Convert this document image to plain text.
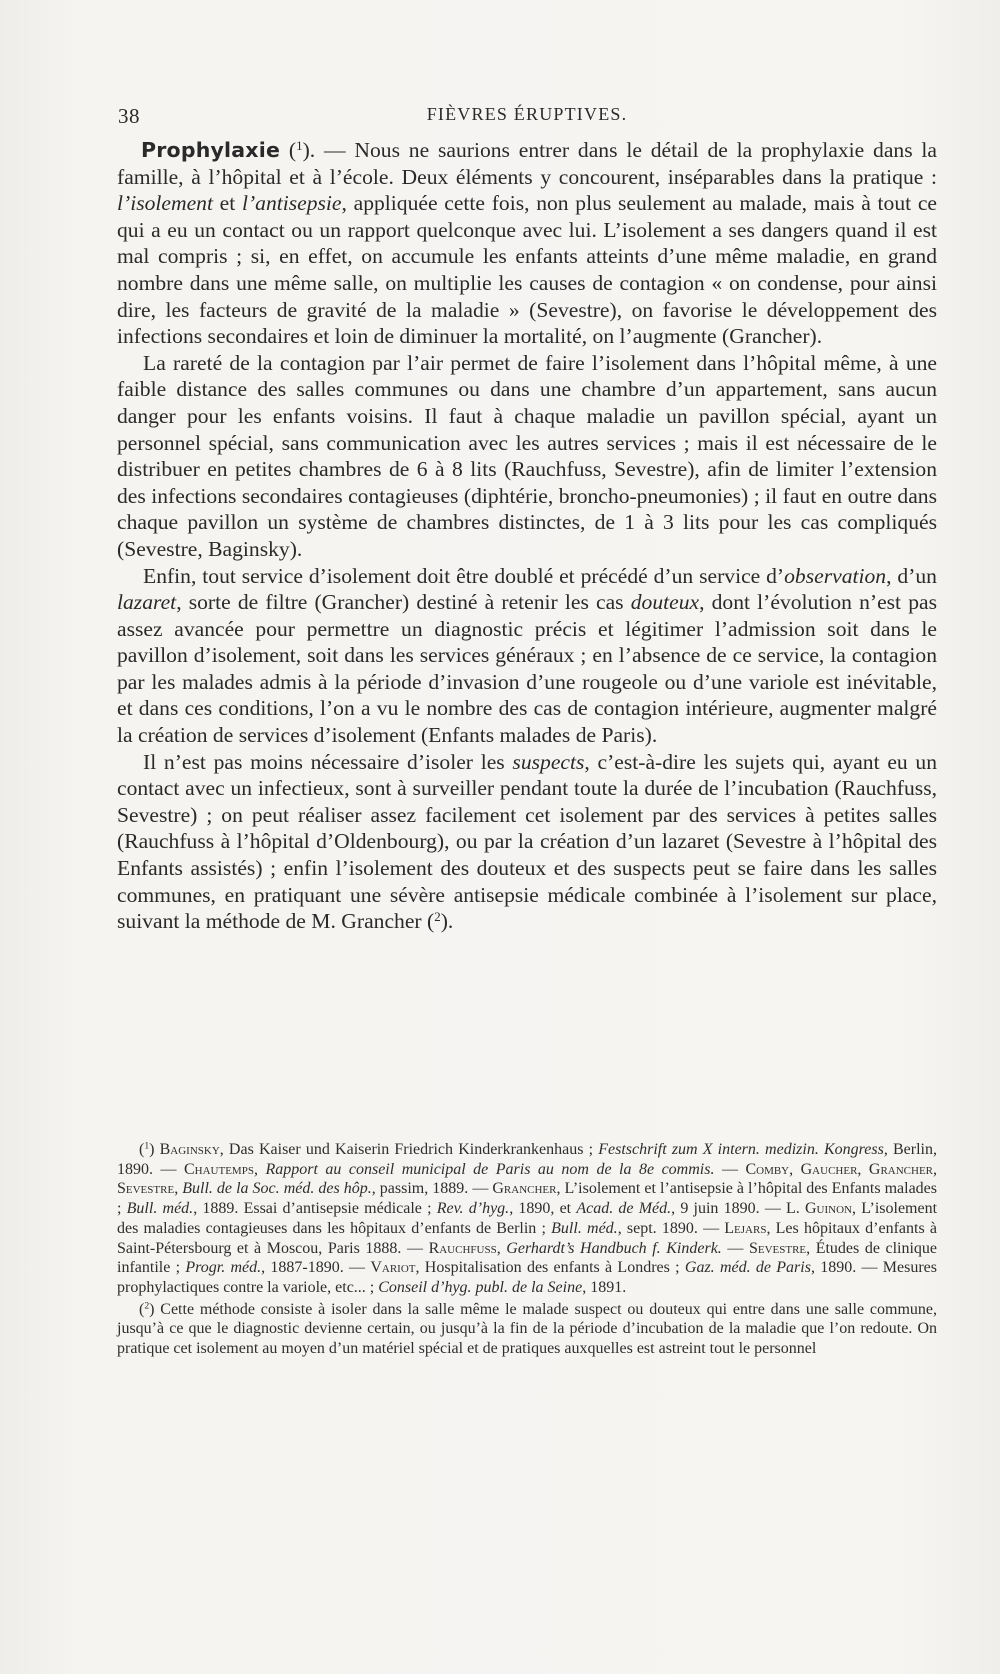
38	FIÈVRES ÉRUPTIVES.

Prophylaxie ($^1$). — Nous ne saurions entrer dans le détail de la prophylaxie dans la famille, à l’hôpital et à l’école. Deux éléments y concourent, inséparables dans la pratique : l’isolement et l’antisepsie, appliquée cette fois, non plus seulement au malade, mais à tout ce qui a eu un contact ou un rapport quelconque avec lui. L’isolement a ses dangers quand il est mal compris ; si, en effet, on accumule les enfants atteints d’une même maladie, en grand nombre dans une même salle, on multiplie les causes de contagion « on condense, pour ainsi dire, les facteurs de gravité de la maladie » (Sevestre), on favorise le développement des infections secondaires et loin de diminuer la mortalité, on l’augmente (Grancher).

La rareté de la contagion par l’air permet de faire l’isolement dans l’hôpital même, à une faible distance des salles communes ou dans une chambre d’un appartement, sans aucun danger pour les enfants voisins. Il faut à chaque maladie un pavillon spécial, ayant un personnel spécial, sans communication avec les autres services ; mais il est nécessaire de le distribuer en petites chambres de 6 à 8 lits (Rauchfuss, Sevestre), afin de limiter l’extension des infections secondaires contagieuses (diphtérie, broncho-pneumonies) ; il faut en outre dans chaque pavillon un système de chambres distinctes, de 1 à 3 lits pour les cas compliqués (Sevestre, Baginsky).

Enfin, tout service d’isolement doit être doublé et précédé d’un service d’observation, d’un lazaret, sorte de filtre (Grancher) destiné à retenir les cas douteux, dont l’évolution n’est pas assez avancée pour permettre un diagnostic précis et légitimer l’admission soit dans le pavillon d’isolement, soit dans les services généraux ; en l’absence de ce service, la contagion par les malades admis à la période d’invasion d’une rougeole ou d’une variole est inévitable, et dans ces conditions, l’on a vu le nombre des cas de contagion intérieure, augmenter malgré la création de services d’isolement (Enfants malades de Paris).

Il n’est pas moins nécessaire d’isoler les suspects, c’est-à-dire les sujets qui, ayant eu un contact avec un infectieux, sont à surveiller pendant toute la durée de l’incubation (Rauchfuss, Sevestre) ; on peut réaliser assez facilement cet isolement par des services à petites salles (Rauchfuss à l’hôpital d’Oldenbourg), ou par la création d’un lazaret (Sevestre à l’hôpital des Enfants assistés) ; enfin l’isolement des douteux et des suspects peut se faire dans les salles communes, en pratiquant une sévère antisepsie médicale combinée à l’isolement sur place, suivant la méthode de M. Grancher ($^2$).

($^1$) Baginsky, Das Kaiser und Kaiserin Friedrich Kinderkrankenhaus ; Festschrift zum X intern. medizin. Kongress, Berlin, 1890. — Chautemps, Rapport au conseil municipal de Paris au nom de la 8e commis. — Comby, Gaucher, Grancher, Sevestre, Bull. de la Soc. méd. des hôp., passim, 1889. — Grancher, L’isolement et l’antisepsie à l’hôpital des Enfants malades ; Bull. méd., 1889. Essai d’antisepsie médicale ; Rev. d’hyg., 1890, et Acad. de Méd., 9 juin 1890. — L. Guinon, L’isolement des maladies contagieuses dans les hôpitaux d’enfants de Berlin ; Bull. méd., sept. 1890. — Lejars, Les hôpitaux d’enfants à Saint-Pétersbourg et à Moscou, Paris 1888. — Rauchfuss, Gerhardt’s Handbuch f. Kinderk. — Sevestre, Études de clinique infantile ; Progr. méd., 1887-1890. — Variot, Hospitalisation des enfants à Londres ; Gaz. méd. de Paris, 1890. — Mesures prophylactiques contre la variole, etc... ; Conseil d’hyg. publ. de la Seine, 1891.

($^2$) Cette méthode consiste à isoler dans la salle même le malade suspect ou douteux qui entre dans une salle commune, jusqu’à ce que le diagnostic devienne certain, ou jusqu’à la fin de la période d’incubation de la maladie que l’on redoute. On pratique cet isolement au moyen d’un matériel spécial et de pratiques auxquelles est astreint tout le personnel
